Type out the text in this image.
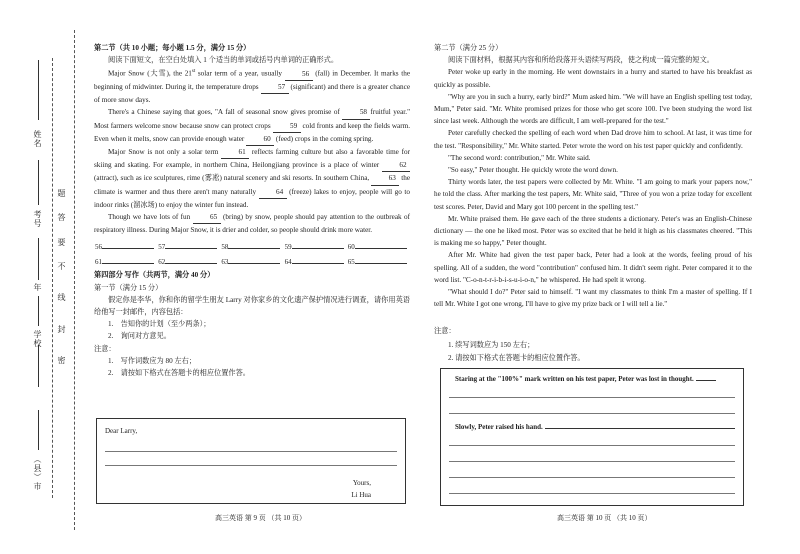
姓名
考号
年
学校
（县）市
密
封
线
不
要
答
题

第二节（共 10 小题；每小题 1.5 分，满分 15 分）

阅读下面短文，在空白处填入 1 个适当的单词或括号内单词的正确形式。

Major Snow (大雪), the 21st solar term of a year, usually 56 (fall) in December. It marks the beginning of midwinter. During it, the temperature drops 57 (significant) and there is a greater chance of more snow days.

There's a Chinese saying that goes, "A fall of seasonal snow gives promise of 58 fruitful year." Most farmers welcome snow because snow can protect crops 59 cold fronts and keep the fields warm. Even when it melts, snow can provide enough water 60 (feed) crops in the coming spring.

Major Snow is not only a solar term 61 reflects farming culture but also a favorable time for skiing and skating. For example, in northern China, Heilongjiang province is a place of winter 62 (attract), such as ice sculptures, rime (雾凇) natural scenery and ski resorts. In southern China, 63 the climate is warmer and thus there aren't many naturally 64 (freeze) lakes to enjoy, people will go to indoor rinks (溜冰场) to enjoy the winter fun instead.

Though we have lots of fun 65 (bring) by snow, people should pay attention to the outbreak of respiratory illness. During Major Snow, it is drier and colder, so people should drink more water.

56	57	58	59	60
61	62	63	64	65

第四部分 写作（共两节，满分 40 分）

第一节（满分 15 分）

假定你是李华，你和你的留学生朋友 Larry 对你家乡的文化遗产保护情况进行调查，请你用英语给他写一封邮件，内容包括：

1.　告知你的计划（至少两条）；

2.　询问对方意见。

注意：

1.　写作词数应为 80 左右；

2.　请按如下格式在答题卡的相应位置作答。

Dear Larry,
Yours,
Li Hua
高三英语 第 9 页 （共 10 页）

第二节（满分 25 分）

阅读下面材料，根据其内容和所给段落开头语续写两段，使之构成一篇完整的短文。

Peter woke up early in the morning. He went downstairs in a hurry and started to have his breakfast as quickly as possible.

"Why are you in such a hurry, early bird?" Mum asked him. "We will have an English spelling test today, Mum," Peter said. "Mr. White promised prizes for those who get score 100. I've been studying the word list since last week. Although the words are difficult, I am well-prepared for the test."

Peter carefully checked the spelling of each word when Dad drove him to school. At last, it was time for the test. "Responsibility," Mr. White started. Peter wrote the word on his test paper quickly and confidently.

"The second word: contribution," Mr. White said.

"So easy," Peter thought. He quickly wrote the word down.

Thirty words later, the test papers were collected by Mr. White. "I am going to mark your papers now," he told the class. After marking the test papers, Mr. White said, "Three of you won a prize today for excellent test scores. Peter, David and Mary got 100 percent in the spelling test."

Mr. White praised them. He gave each of the three students a dictionary. Peter's was an English-Chinese dictionary — the one he liked most. Peter was so excited that he held it high as his classmates cheered. "This is making me so happy," Peter thought.

After Mr. White had given the test paper back, Peter had a look at the words, feeling proud of his spelling. All of a sudden, the word "contribution" confused him. It didn't seem right. Peter compared it to the word list. "C-o-n-t-r-i-b-i-s-u-i-o-n," he whispered. He had spelt it wrong.

"What should I do?" Peter said to himself. "I want my classmates to think I'm a master of spelling. If I tell Mr. White I got one wrong, I'll have to give my prize back or I will tell a lie."

注意：
1. 续写词数应为 150 左右；
2. 请按如下格式在答题卡的相应位置作答。
Staring at the "100%" mark written on his test paper, Peter was lost in thought.
Slowly, Peter raised his hand.
高三英语 第 10 页 （共 10 页）
